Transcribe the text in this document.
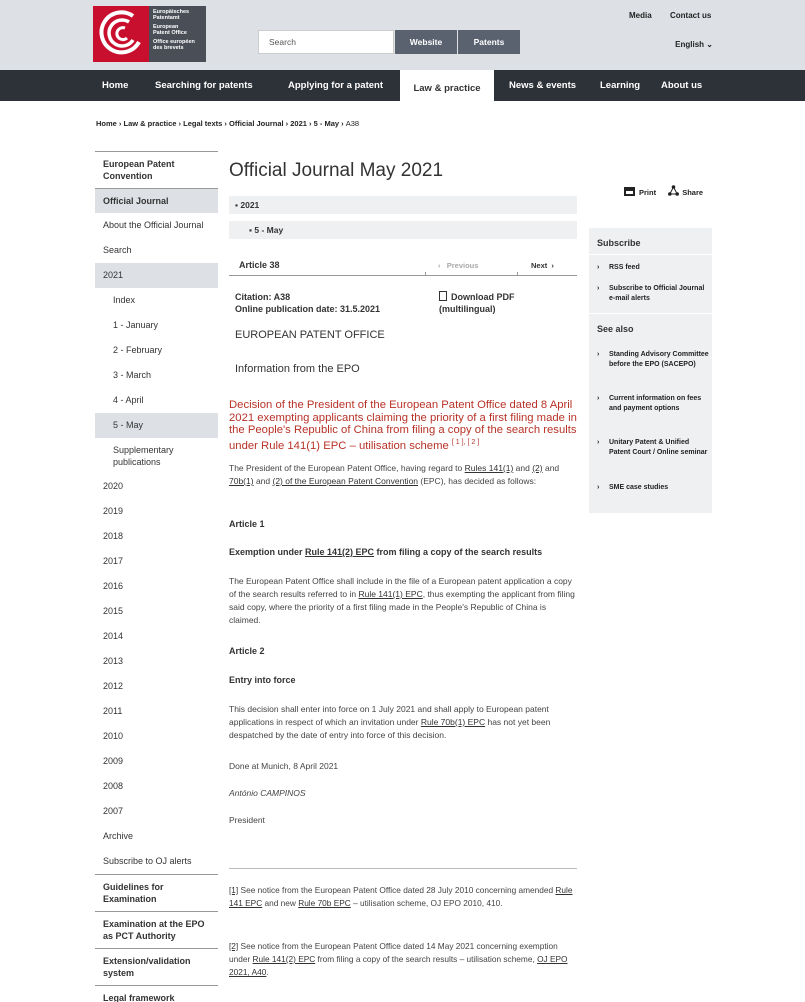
Europäisches
Patentamt
European
Patent Office
Office européen
des brevets
Search	Website	Patents
Media Contact us
English ⌄
Home	Searching for patents	Applying for a patent	Law & practice	News & events	Learning About us
Home › Law & practice › Legal texts › Official Journal › 2021 › 5 - May › A38
European Patent Convention
Official Journal
About the Official Journal
Search
2021
Index
1 - January
2 - February
3 - March
4 - April
5 - May
Supplementary publications
2020
2019
2018
2017
2016
2015
2014
2013
2012
2011
2010
2009
2008
2007
Archive
Subscribe to OJ alerts
Guidelines for Examination
Examination at the EPO as PCT Authority
Extension/validation system
Legal framework
Official Journal May 2021
▪ 2021
▪ 5 - May
Article 38	‹   Previous	Next  ›
Citation: A38
Online publication date: 31.5.2021
Download PDF
(multilingual)
EUROPEAN PATENT OFFICE
Information from the EPO
Decision of the President of the European Patent Office dated 8 April 2021 exempting applicants claiming the priority of a first filing made in the People's Republic of China from filing a copy of the search results under Rule 141(1) EPC – utilisation scheme [ 1 ], [ 2 ]
The President of the European Patent Office, having regard to Rules 141(1) and (2) and 70b(1) and (2) of the European Patent Convention (EPC), has decided as follows:
Article 1
Exemption under Rule 141(2) EPC from filing a copy of the search results
The European Patent Office shall include in the file of a European patent application a copy of the search results referred to in Rule 141(1) EPC, thus exempting the applicant from filing said copy, where the priority of a first filing made in the People's Republic of China is claimed.
Article 2
Entry into force
This decision shall enter into force on 1 July 2021 and shall apply to European patent applications in respect of which an invitation under Rule 70b(1) EPC has not yet been despatched by the date of entry into force of this decision.
Done at Munich, 8 April 2021
António CAMPINOS
President
[1] See notice from the European Patent Office dated 28 July 2010 concerning amended Rule 141 EPC and new Rule 70b EPC – utilisation scheme, OJ EPO 2010, 410.
[2] See notice from the European Patent Office dated 14 May 2021 concerning exemption under Rule 141(2) EPC from filing a copy of the search results – utilisation scheme, OJ EPO 2021, A40.
Print	Share
Subscribe
› RSS feed
› Subscribe to Official Journal e-mail alerts
See also
› Standing Advisory Committee before the EPO (SACEPO)
› Current information on fees and payment options
› Unitary Patent & Unified Patent Court / Online seminar
› SME case studies
